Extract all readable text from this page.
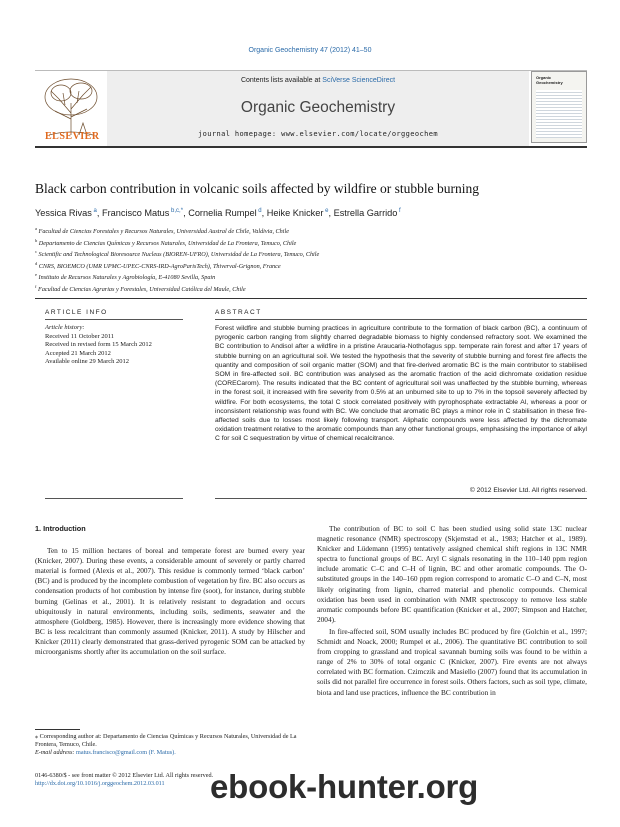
Organic Geochemistry 47 (2012) 41–50
ELSEVIER
Contents lists available at SciVerse ScienceDirect
Organic Geochemistry
journal homepage: www.elsevier.com/locate/orggeochem
Organic Geochemistry
Black carbon contribution in volcanic soils affected by wildfire or stubble burning
Yessica Rivas $^a$, Francisco Matus $^{b,c,*}$, Cornelia Rumpel $^d$, Heike Knicker $^e$, Estrella Garrido $^f$
$^a$ Facultad de Ciencias Forestales y Recursos Naturales, Universidad Austral de Chile, Valdivia, Chile
$^b$ Departamento de Ciencias Químicas y Recursos Naturales, Universidad de La Frontera, Temuco, Chile
$^c$ Scientific and Technological Bioresource Nucleus (BIOREN-UFRO), Universidad de La Frontera, Temuco, Chile
$^d$ CNRS, BIOEMCO (UMR UPMC-UPEC-CNRS-IRD-AgroParisTech), Thiverval-Grignon, France
$^e$ Instituto de Recursos Naturales y Agrobiología, E-41080 Sevilla, Spain
$^f$ Facultad de Ciencias Agrarias y Forestales, Universidad Católica del Maule, Chile
ARTICLE INFO
Article history:
Received 11 October 2011
Received in revised form 15 March 2012
Accepted 21 March 2012
Available online 29 March 2012
ABSTRACT
Forest wildfire and stubble burning practices in agriculture contribute to the formation of black carbon (BC), a continuum of pyrogenic carbon ranging from slightly charred degradable biomass to highly condensed refractory soot. We examined the BC contribution to Andisol after a wildfire in a pristine Araucaria-Nothofagus spp. temperate rain forest and after 17 years of stubble burning on an agricultural soil. We tested the hypothesis that the severity of stubble burning and forest fire affects the quantity and composition of soil organic matter (SOM) and that fire-derived aromatic BC is the main contributor to stabilised SOM in fire-affected soil. BC contribution was analysed as the aromatic fraction of the acid dichromate oxidation residue (CORECarom). The results indicated that the BC content of agricultural soil was unaffected by the stubble burning, whereas in the forest soil, it increased with fire severity from 0.5% at an unburned site to up to 7% in the topsoil severely affected by wildfire. For both ecosystems, the total C stock correlated positively with pyrophosphate extractable Al, whereas a poor or inconsistent relationship was found with BC. We conclude that aromatic BC plays a minor role in C stabilisation in these fire-affected soils due to losses most likely following transport. Aliphatic compounds were less affected by the dichromate oxidation treatment relative to the aromatic compounds than any other functional groups, emphasising the importance of alkyl C for soil C sequestration by virtue of chemical recalcitrance.
© 2012 Elsevier Ltd. All rights reserved.
1. Introduction

Ten to 15 million hectares of boreal and temperate forest are burned every year (Knicker, 2007). During these events, a considerable amount of severely or partly charred material is formed (Alexis et al., 2007). This residue is commonly termed ‘black carbon’ (BC) and is produced by the incomplete combustion of vegetation by fire. BC also occurs as condensation products of hot combustion by intense fire (soot), for instance, during stubble burning (Gelinas et al., 2001). It is relatively resistant to degradation and occurs ubiquitously in natural environments, including soils, sediments, seawater and the atmosphere (Goldberg, 1985). However, there is increasingly more evidence showing that BC is less recalcitrant than commonly assumed (Knicker, 2011). A study by Hilscher and Knicker (2011) clearly demonstrated that grass-derived pyrogenic SOM can be attacked by microorganisms shortly after its accumulation on the soil surface.

The contribution of BC to soil C has been studied using solid state 13C nuclear magnetic resonance (NMR) spectroscopy (Skjemstad et al., 1983; Hatcher et al., 1989). Knicker and Lüdemann (1995) tentatively assigned chemical shift regions in 13C NMR spectra to functional groups of BC. Aryl C signals resonating in the 110–140 ppm region include aromatic C–C and C–H of lignin, BC and other aromatic compounds. The O-substituted groups in the 140–160 ppm region correspond to aromatic C–O and C–N, most likely originating from lignin, charred material and phenolic compounds. Chemical oxidation has been used in combination with NMR spectroscopy to remove less stable aromatic compounds before BC quantification (Knicker et al., 2007; Simpson and Hatcher, 2004).

In fire-affected soil, SOM usually includes BC produced by fire (Golchin et al., 1997; Schmidt and Noack, 2000; Rumpel et al., 2006). The quantitative BC contribution to soil from cropping to grassland and tropical savannah burning soils was found to be within a range of 2% to 30% of total organic C (Knicker, 2007). Fire events are not always correlated with BC formation. Czimczik and Masiello (2007) found that its accumulation in soils did not parallel fire occurrence in forest soils. Others factors, such as soil type, climate, biota and land use practices, influence the BC contribution in

⁎ Corresponding author at: Departamento de Ciencias Químicas y Recursos Naturales, Universidad de La Frontera, Temuco, Chile.
E-mail address: matus.francisco@gmail.com (F. Matus).
0146-6380/$ - see front matter © 2012 Elsevier Ltd. All rights reserved.
http://dx.doi.org/10.1016/j.orggeochem.2012.03.011	ebook-hunter.org
